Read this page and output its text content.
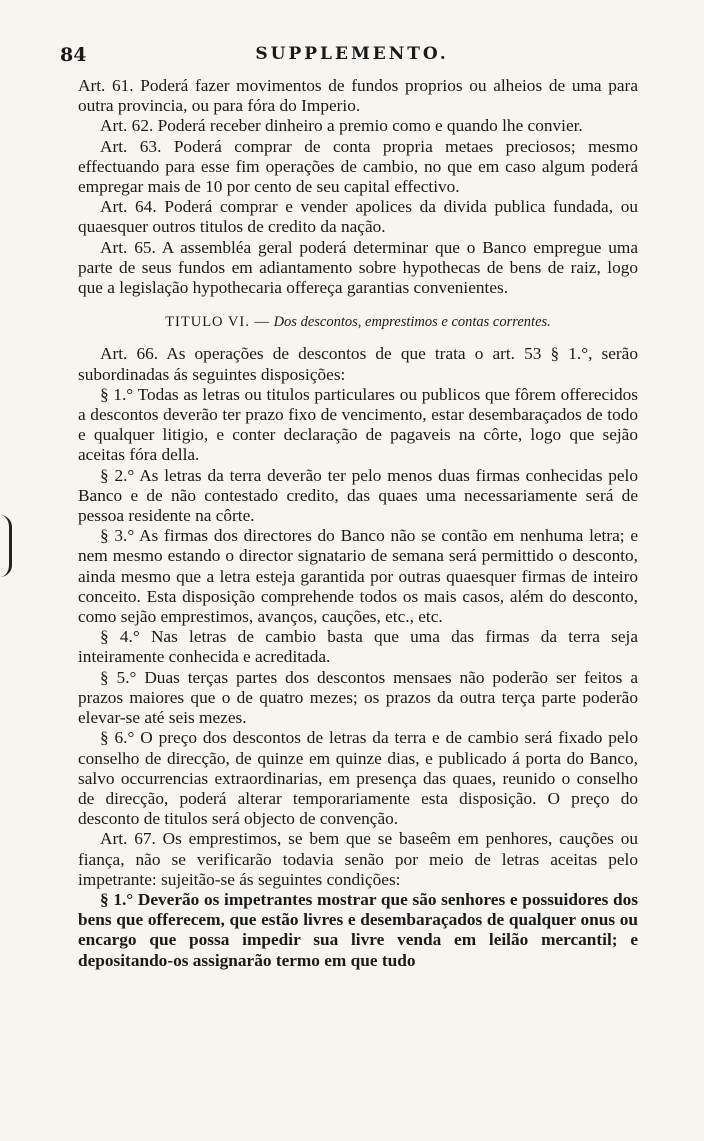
84	SUPPLEMENTO.

Art. 61. Poderá fazer movimentos de fundos proprios ou alheios de uma para outra provincia, ou para fóra do Imperio.

Art. 62. Poderá receber dinheiro a premio como e quando lhe convier.

Art. 63. Poderá comprar de conta propria metaes preciosos; mesmo effectuando para esse fim operações de cambio, no que em caso algum poderá empregar mais de 10 por cento de seu capital effectivo.

Art. 64. Poderá comprar e vender apolices da divida publica fundada, ou quaesquer outros titulos de credito da nação.

Art. 65. A assembléa geral poderá determinar que o Banco empregue uma parte de seus fundos em adiantamento sobre hypothecas de bens de raiz, logo que a legislação hypothecaria offereça garantias convenientes.

TITULO VI. — Dos descontos, emprestimos e contas correntes.

Art. 66. As operações de descontos de que trata o art. 53 § 1.°, serão subordinadas ás seguintes disposições:

§ 1.° Todas as letras ou titulos particulares ou publicos que fôrem offerecidos a descontos deverão ter prazo fixo de vencimento, estar desembaraçados de todo e qualquer litigio, e conter declaração de pagaveis na côrte, logo que sejão aceitas fóra della.

§ 2.° As letras da terra deverão ter pelo menos duas firmas conhecidas pelo Banco e de não contestado credito, das quaes uma necessariamente será de pessoa residente na côrte.

§ 3.° As firmas dos directores do Banco não se contão em nenhuma letra; e nem mesmo estando o director signatario de semana será permittido o desconto, ainda mesmo que a letra esteja garantida por outras quaesquer firmas de inteiro conceito. Esta disposição comprehende todos os mais casos, além do desconto, como sejão emprestimos, avanços, cauções, etc., etc.

§ 4.° Nas letras de cambio basta que uma das firmas da terra seja inteiramente conhecida e acreditada.

§ 5.° Duas terças partes dos descontos mensaes não poderão ser feitos a prazos maiores que o de quatro mezes; os prazos da outra terça parte poderão elevar-se até seis mezes.

§ 6.° O preço dos descontos de letras da terra e de cambio será fixado pelo conselho de direcção, de quinze em quinze dias, e publicado á porta do Banco, salvo occurrencias extraordinarias, em presença das quaes, reunido o conselho de direcção, poderá alterar temporariamente esta disposição. O preço do desconto de titulos será objecto de convenção.

Art. 67. Os emprestimos, se bem que se baseêm em penhores, cauções ou fiança, não se verificarão todavia senão por meio de letras aceitas pelo impetrante: sujeitão-se ás seguintes condições:

§ 1.° Deverão os impetrantes mostrar que são senhores e possuidores dos bens que offerecem, que estão livres e desembaraçados de qualquer onus ou encargo que possa impedir sua livre venda em leilão mercantil; e depositando-os assignarão termo em que tudo
